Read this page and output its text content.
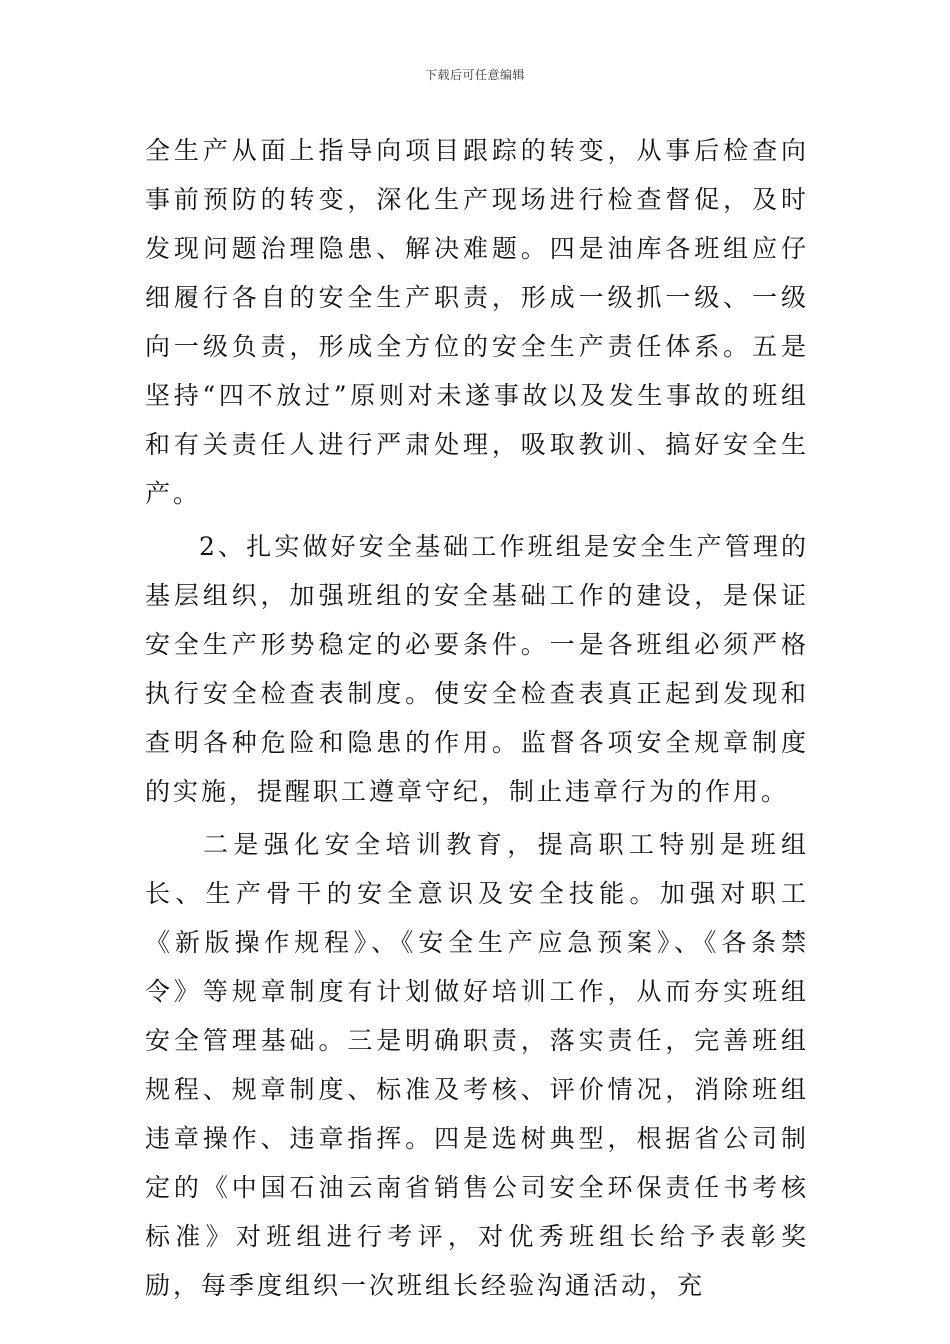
下载后可任意编辑

全生产从面上指导向项目跟踪的转变，从事后检查向事前预防的转变，深化生产现场进行检查督促，及时发现问题治理隐患、解决难题。四是油库各班组应仔细履行各自的安全生产职责，形成一级抓一级、一级向一级负责，形成全方位的安全生产责任体系。五是坚持“四不放过”原则对未遂事故以及发生事故的班组和有关责任人进行严肃处理，吸取教训、搞好安全生产。

2、扎实做好安全基础工作班组是安全生产管理的基层组织，加强班组的安全基础工作的建设，是保证安全生产形势稳定的必要条件。一是各班组必须严格执行安全检查表制度。使安全检查表真正起到发现和查明各种危险和隐患的作用。监督各项安全规章制度的实施，提醒职工遵章守纪，制止违章行为的作用。

二是强化安全培训教育，提高职工特别是班组长、生产骨干的安全意识及安全技能。加强对职工《新版操作规程》、《安全生产应急预案》、《各条禁令》等规章制度有计划做好培训工作，从而夯实班组安全管理基础。三是明确职责，落实责任，完善班组规程、规章制度、标准及考核、评价情况，消除班组违章操作、违章指挥。四是选树典型，根据省公司制定的《中国石油云南省销售公司安全环保责任书考核标准》对班组进行考评，对优秀班组长给予表彰奖励，每季度组织一次班组长经验沟通活动，充
